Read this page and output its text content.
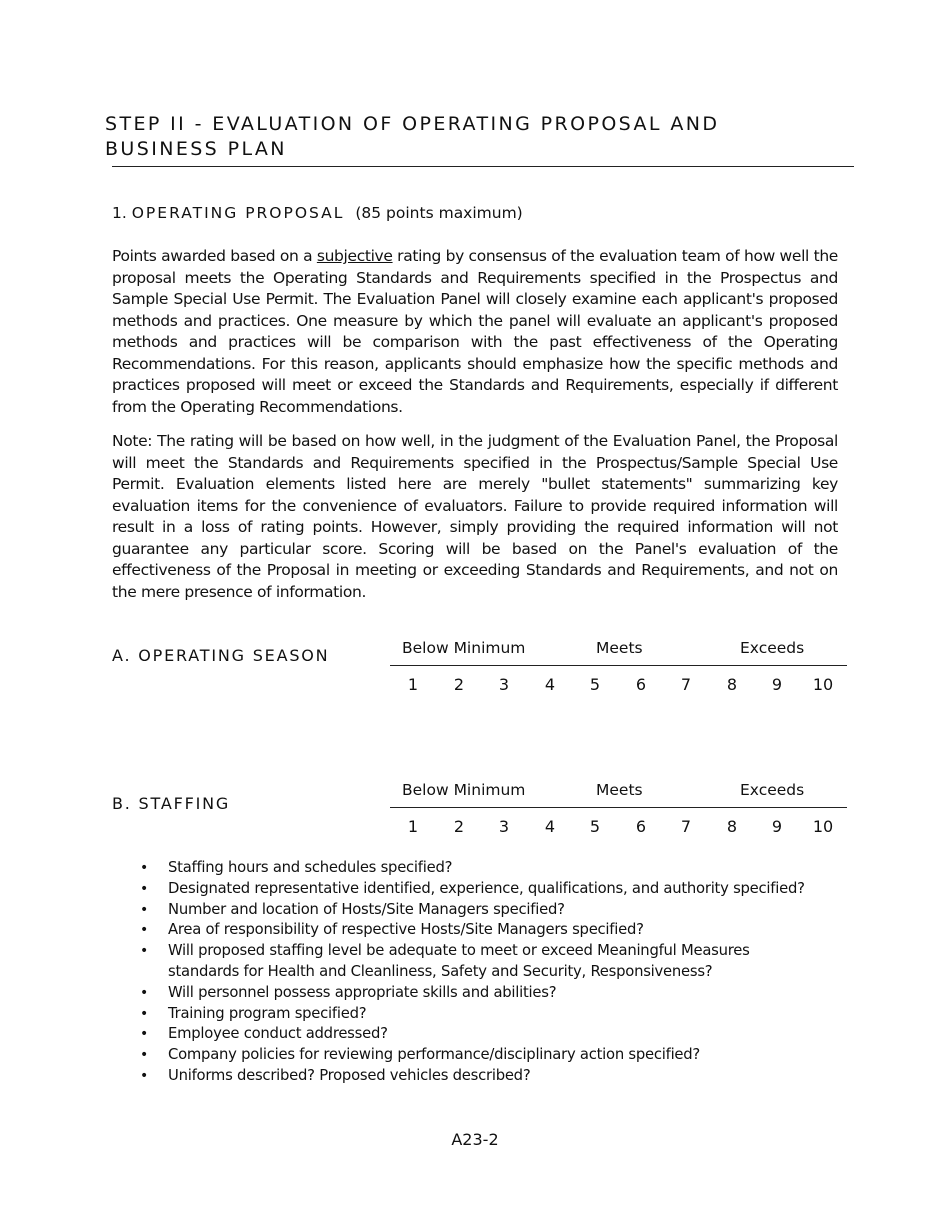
STEP II - EVALUATION OF OPERATING PROPOSAL AND BUSINESS PLAN
1. OPERATING PROPOSAL (85 points maximum)
Points awarded based on a subjective rating by consensus of the evaluation team of how well the proposal meets the Operating Standards and Requirements specified in the Prospectus and Sample Special Use Permit. The Evaluation Panel will closely examine each applicant's proposed methods and practices. One measure by which the panel will evaluate an applicant's proposed methods and practices will be comparison with the past effectiveness of the Operating Recommendations. For this reason, applicants should emphasize how the specific methods and practices proposed will meet or exceed the Standards and Requirements, especially if different from the Operating Recommendations.
Note: The rating will be based on how well, in the judgment of the Evaluation Panel, the Proposal will meet the Standards and Requirements specified in the Prospectus/Sample Special Use Permit. Evaluation elements listed here are merely "bullet statements" summarizing key evaluation items for the convenience of evaluators. Failure to provide required information will result in a loss of rating points. However, simply providing the required information will not guarantee any particular score. Scoring will be based on the Panel's evaluation of the effectiveness of the Proposal in meeting or exceeding Standards and Requirements, and not on the mere presence of information.
A. OPERATING SEASON	Below Minimum	Meets	Exceeds
1	2	3	4	5	6	7	8	9	10
B. STAFFING
Below Minimum	Meets	Exceeds
1	2	3	4	5	6	7	8	9	10
• Staffing hours and schedules specified?
• Designated representative identified, experience, qualifications, and authority specified?
• Number and location of Hosts/Site Managers specified?
• Area of responsibility of respective Hosts/Site Managers specified?
• Will proposed staffing level be adequate to meet or exceed Meaningful Measures standards for Health and Cleanliness, Safety and Security, Responsiveness?
• Will personnel possess appropriate skills and abilities?
• Training program specified?
• Employee conduct addressed?
• Company policies for reviewing performance/disciplinary action specified?
• Uniforms described? Proposed vehicles described?
A23-2
